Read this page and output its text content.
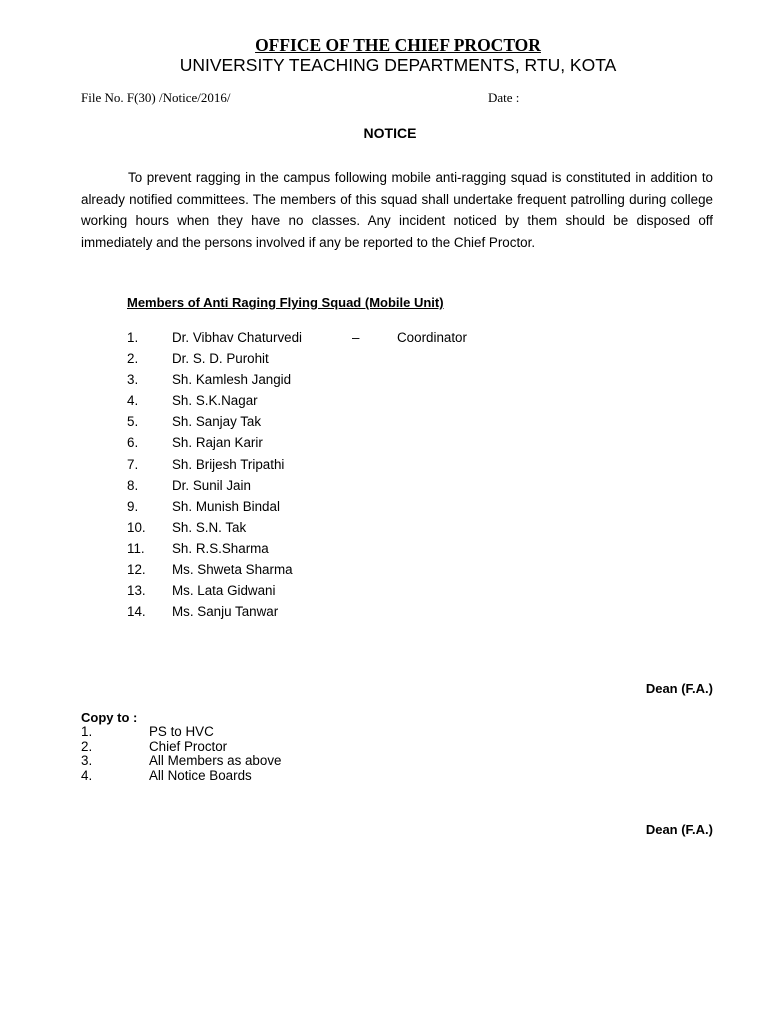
OFFICE OF THE CHIEF PROCTOR
UNIVERSITY TEACHING DEPARTMENTS, RTU, KOTA
File No. F(30) /Notice/2016/	Date :
NOTICE
To prevent ragging in the campus following mobile anti-ragging squad is constituted in addition to already notified committees. The members of this squad shall undertake frequent patrolling during college working hours when they have no classes. Any incident noticed by them should be disposed off immediately and the persons involved if any be reported to the Chief Proctor.
Members of Anti Raging Flying Squad (Mobile Unit)
1.	Dr. Vibhav Chaturvedi	–	Coordinator
2.	Dr. S. D. Purohit
3.	Sh. Kamlesh Jangid
4.	Sh. S.K.Nagar
5.	Sh. Sanjay Tak
6.	Sh. Rajan Karir
7.	Sh. Brijesh Tripathi
8.	Dr. Sunil Jain
9.	Sh. Munish Bindal
10. Sh. S.N. Tak
11. Sh. R.S.Sharma
12. Ms. Shweta Sharma
13. Ms. Lata Gidwani
14. Ms. Sanju Tanwar
Dean (F.A.)
Copy to :
1.	PS to HVC
2.	Chief Proctor
3.	All Members as above
4.	All Notice Boards
Dean (F.A.)
